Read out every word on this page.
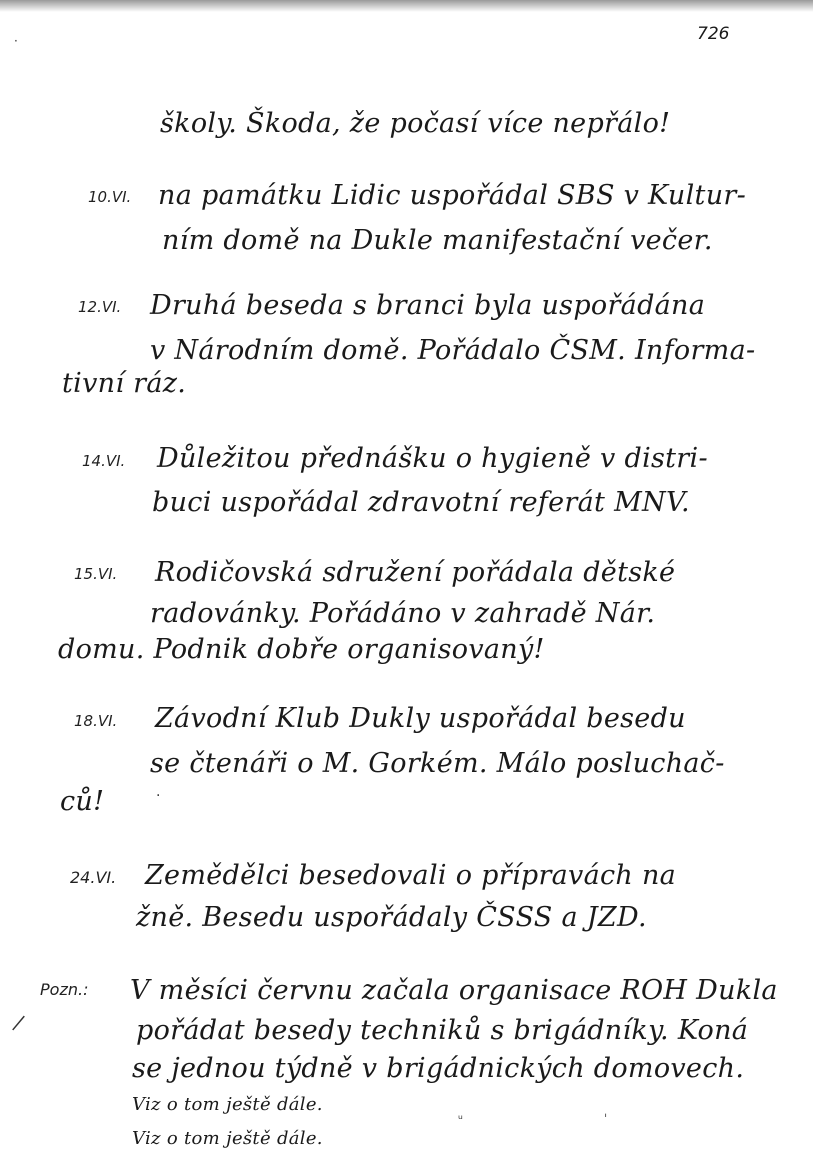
726
školy. Škoda, že počasí více nepřálo!
10.VI. na památku Lidic uspořádal SBS v Kultur-
ním domě na Dukle manifestační večer.
12.VI. Druhá beseda s branci byla uspořádána
v Národním domě. Pořádalo ČSM. Informa-
tivní ráz.
14.VI. Důležitou přednášku o hygieně v distri-
buci uspořádal zdravotní referát MNV.
15.VI. Rodičovská sdružení pořádala dětské
radovánky. Pořádáno v zahradě Nár.
domu. Podnik dobře organisovaný!
18.VI. Závodní Klub Dukly uspořádal besedu
se čtenáři o M. Gorkém. Málo posluchač-
ců!	·
24.VI. Zemědělci besedovali o přípravách na
žně. Besedu uspořádaly ČSSS a JZD.
Pozn.: V měsíci červnu začala organisace ROH Dukla
pořádat besedy techniků s brigádníky. Koná
se jednou týdně v brigádnických domovech.
Viz o tom ještě dále.
Viz o tom ještě dále.
ᵘ	ˈ
|
·
